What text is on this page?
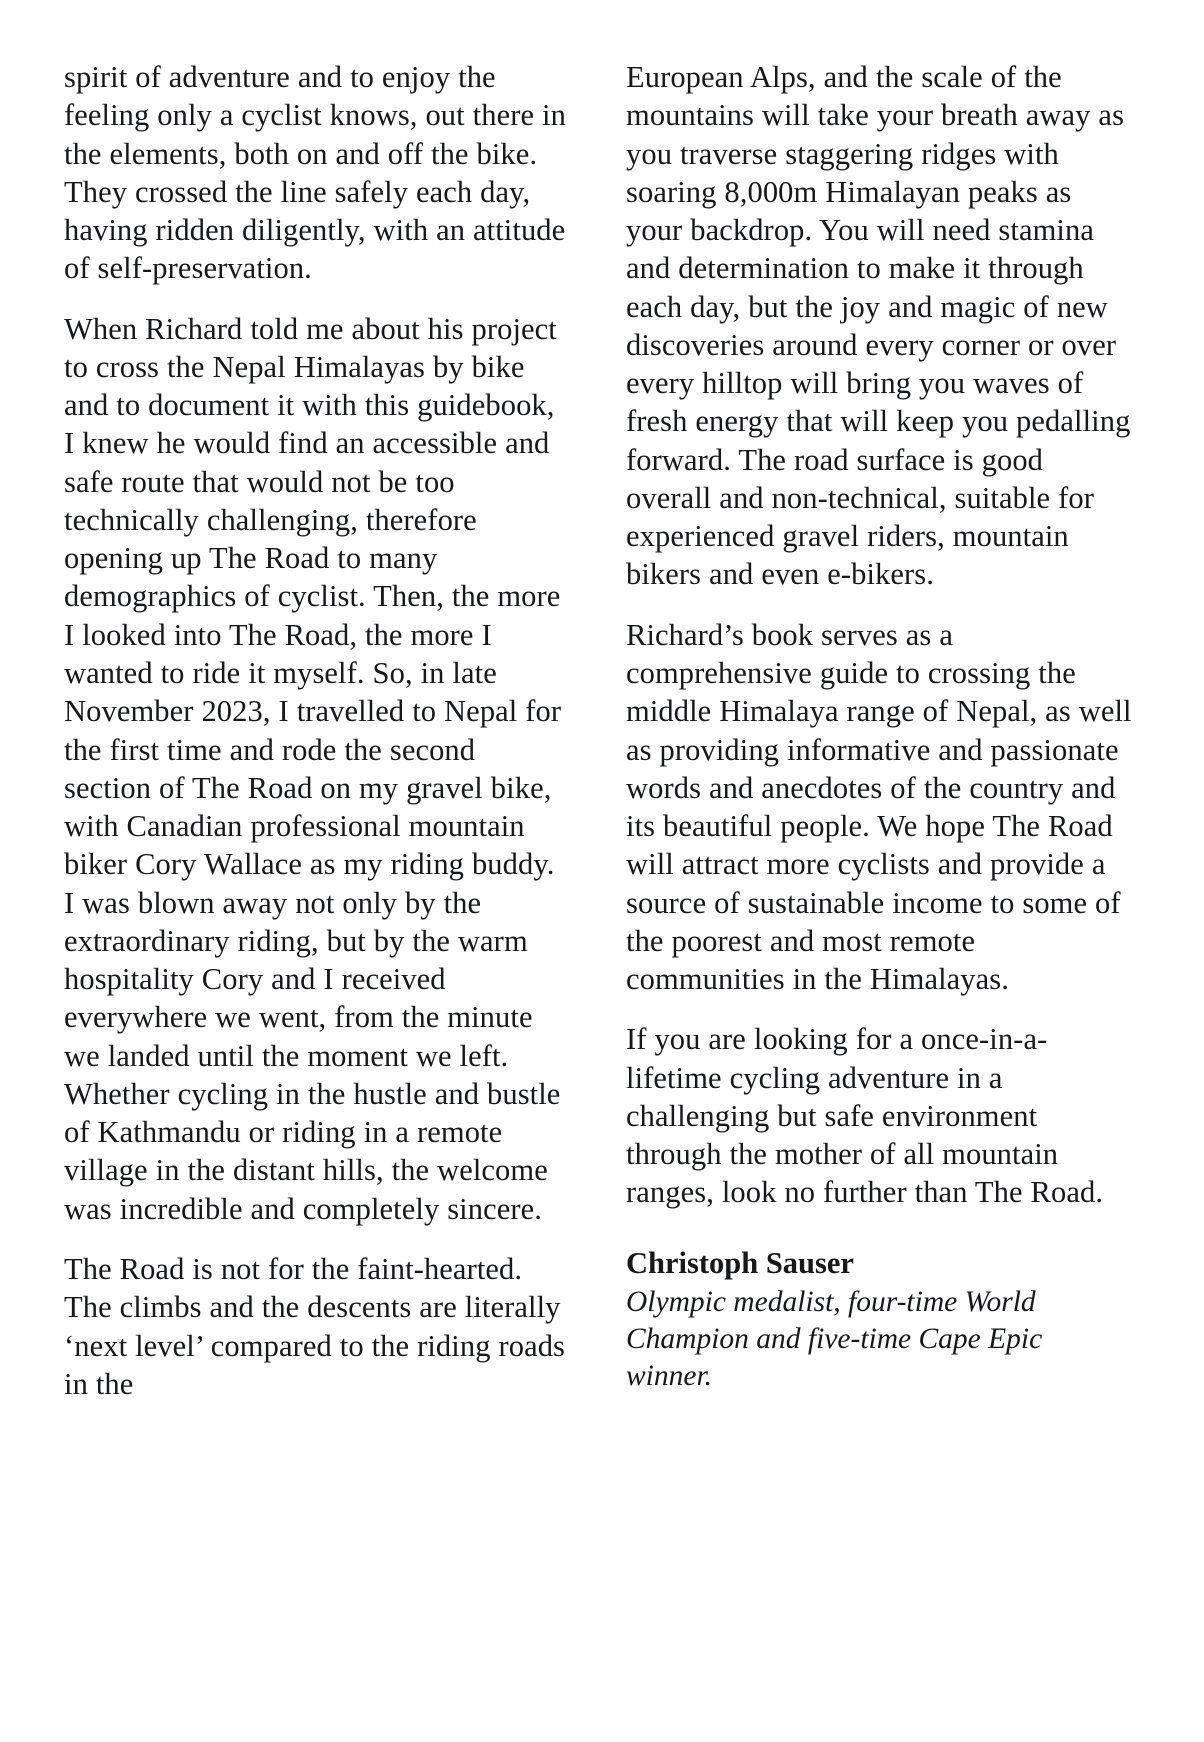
spirit of adventure and to enjoy the feeling only a cyclist knows, out there in the elements, both on and off the bike. They crossed the line safely each day, having ridden diligently, with an attitude of self-preservation.

When Richard told me about his project to cross the Nepal Himalayas by bike and to document it with this guidebook, I knew he would find an accessible and safe route that would not be too technically challenging, therefore opening up The Road to many demographics of cyclist. Then, the more I looked into The Road, the more I wanted to ride it myself. So, in late November 2023, I travelled to Nepal for the first time and rode the second section of The Road on my gravel bike, with Canadian professional mountain biker Cory Wallace as my riding buddy. I was blown away not only by the extraordinary riding, but by the warm hospitality Cory and I received everywhere we went, from the minute we landed until the moment we left. Whether cycling in the hustle and bustle of Kathmandu or riding in a remote village in the distant hills, the welcome was incredible and completely sincere.

The Road is not for the faint-hearted. The climbs and the descents are literally ‘next level’ compared to the riding roads in the

European Alps, and the scale of the mountains will take your breath away as you traverse staggering ridges with soaring 8,000m Himalayan peaks as your backdrop. You will need stamina and determination to make it through each day, but the joy and magic of new discoveries around every corner or over every hilltop will bring you waves of fresh energy that will keep you pedalling forward. The road surface is good overall and non-technical, suitable for experienced gravel riders, mountain bikers and even e-bikers.

Richard’s book serves as a comprehensive guide to crossing the middle Himalaya range of Nepal, as well as providing informative and passionate words and anecdotes of the country and its beautiful people. We hope The Road will attract more cyclists and provide a source of sustainable income to some of the poorest and most remote communities in the Himalayas.

If you are looking for a once-in-a-lifetime cycling adventure in a challenging but safe environment through the mother of all mountain ranges, look no further than The Road.

Christoph Sauser

Olympic medalist, four-time World Champion and five-time Cape Epic winner.
